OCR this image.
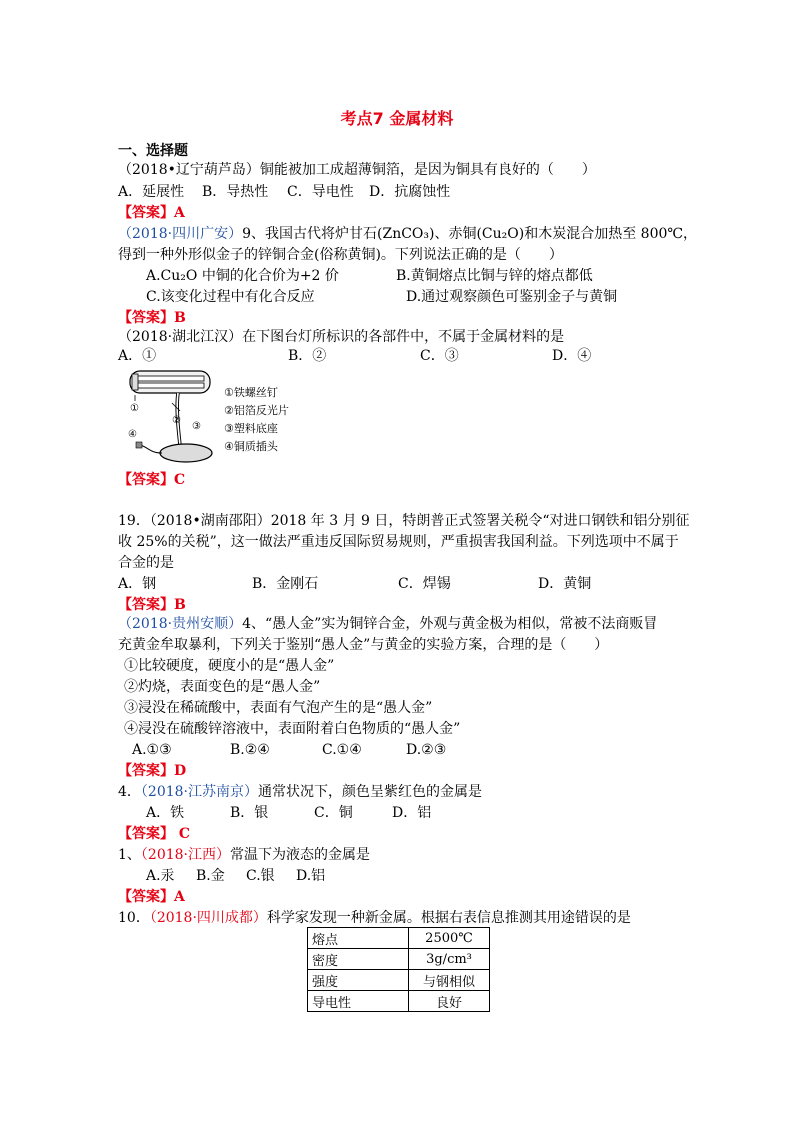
考点7 金属材料
一、选择题
（2018•辽宁葫芦岛）铜能被加工成超薄铜箔，是因为铜具有良好的（　　）
A．延展性 B．导热性 C．导电性 D．抗腐蚀性
【答案】A
（2018·四川广安）9、我国古代将炉甘石(ZnCO₃)、赤铜(Cu₂O)和木炭混合加热至 800℃，
得到一种外形似金子的锌铜合金(俗称黄铜)。下列说法正确的是（　　）
A.Cu₂O 中铜的化合价为+2 价	B.黄铜熔点比铜与锌的熔点都低
C.该变化过程中有化合反应	D.通过观察颜色可鉴别金子与黄铜
【答案】B
（2018·湖北江汉）在下图台灯所标识的各部件中，不属于金属材料的是
A．①	B．②	C．③	D．④
①
②
③
④
①铁螺丝钉
②铝箔反光片
③塑料底座
④铜质插头
【答案】C
19．（2018•湖南邵阳）2018 年 3 月 9 日，特朗普正式签署关税令“对进口钢铁和铝分别征
收 25%的关税”，这一做法严重违反国际贸易规则，严重损害我国利益。下列选项中不属于
合金的是
A．钢	B．金刚石	C．焊锡	D．黄铜
【答案】B
（2018·贵州安顺）4、“愚人金”实为铜锌合金，外观与黄金极为相似，常被不法商贩冒
充黄金牟取暴利，下列关于鉴别“愚人金”与黄金的实验方案，合理的是（　　）
①比较硬度，硬度小的是“愚人金”
②灼烧，表面变色的是“愚人金”
③浸没在稀硫酸中，表面有气泡产生的是“愚人金”
④浸没在硫酸锌溶液中，表面附着白色物质的“愚人金”
A.①③	B.②④	C.①④	D.②③
【答案】D
4．（2018·江苏南京）通常状况下，颜色呈紫红色的金属是
A．铁	B．银	C．铜	D．铝
【答案】 C
1、（2018·江西）常温下为液态的金属是
A.汞 B.金 C.银 D.铝
【答案】A
10．（2018·四川成都）科学家发现一种新金属。根据右表信息推测其用途错误的是
熔点	2500℃
密度	3g/cm³
强度	与钢相似
导电性	良好
